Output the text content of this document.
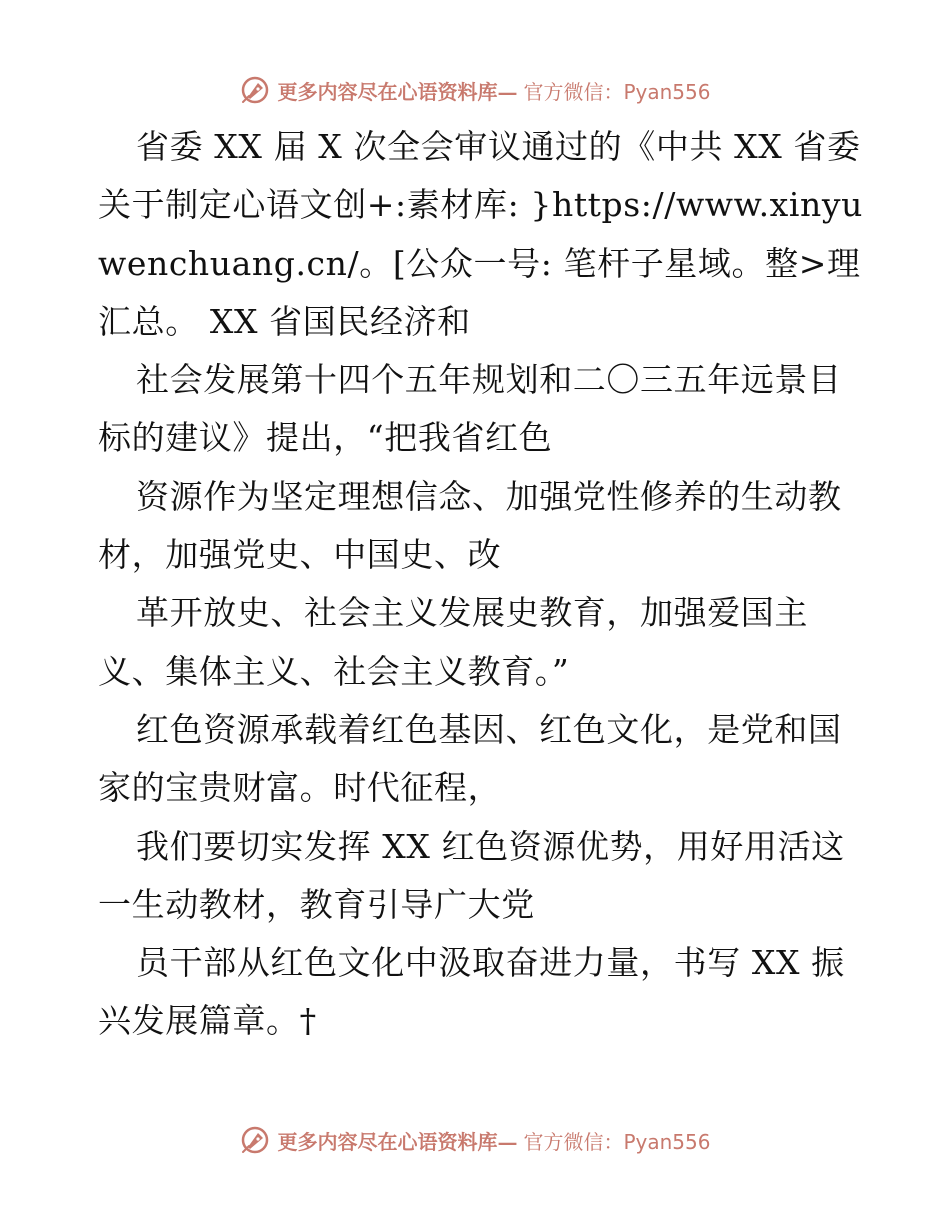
更多内容尽在心语资料库— 官方微信：Pyan556
省委 XX 届 X 次全会审议通过的《中共 XX 省委
关于制定心语文创+:素材库: }https://www.xinyu
wenchuang.cn/。[公众一号: 笔杆子星域。整>理
汇总。 XX 省国民经济和
社会发展第十四个五年规划和二〇三五年远景目
标的建议》提出，“把我省红色
资源作为坚定理想信念、加强党性修养的生动教
材，加强党史、中国史、改
革开放史、社会主义发展史教育，加强爱国主
义、集体主义、社会主义教育。”
红色资源承载着红色基因、红色文化，是党和国
家的宝贵财富。时代征程，
我们要切实发挥 XX 红色资源优势，用好用活这
一生动教材，教育引导广大党
员干部从红色文化中汲取奋进力量，书写 XX 振
兴发展篇章。†
更多内容尽在心语资料库— 官方微信：Pyan556
